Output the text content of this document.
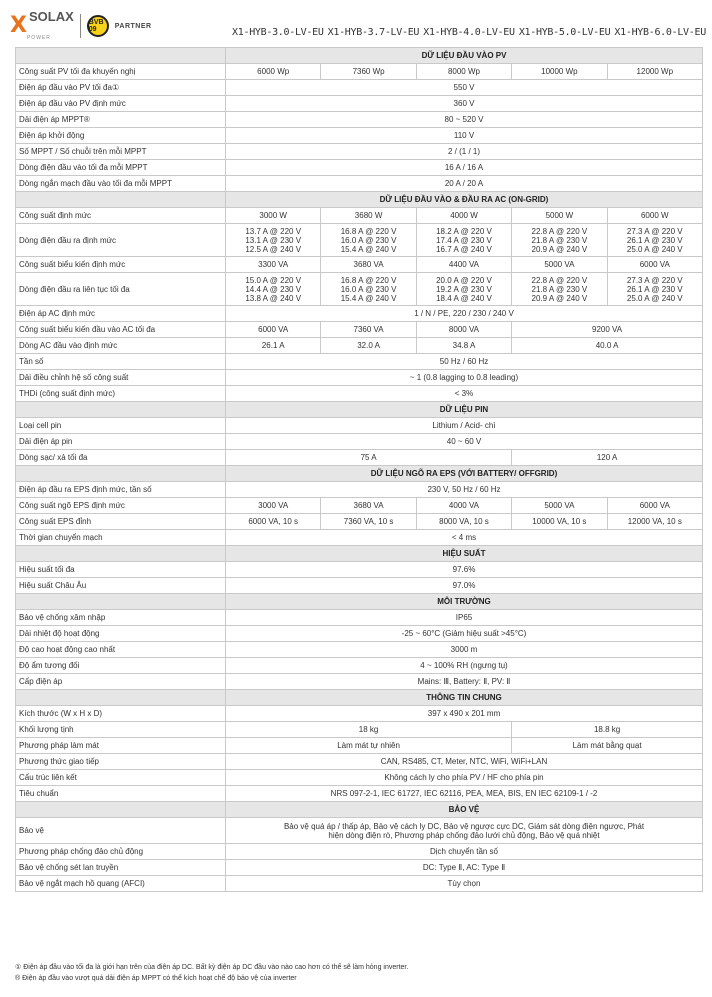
X SOLAX
POWER
BVB 09	PARTNER
X1-HYB-3.0-LV-EU X1-HYB-3.7-LV-EU X1-HYB-4.0-LV-EU X1-HYB-5.0-LV-EU X1-HYB-6.0-LV-EU
	DỮ LIỆU ĐẦU VÀO PV				
Công suất PV tối đa khuyến nghị	6000 Wp	7360 Wp	8000 Wp	10000 Wp	12000 Wp
Điện áp đầu vào PV tối đa①	550 V				
Điện áp đầu vào PV định mức	360 V				
Dải điện áp MPPT®	80 ~ 520 V				
Điện áp khởi động	110 V				
Số MPPT / Số chuỗi trên mỗi MPPT	2 / (1 / 1)				
Dòng điện đầu vào tối đa mỗi MPPT	16 A / 16 A				
Dòng ngắn mạch đầu vào tối đa mỗi MPPT	20 A / 20 A				
	DỮ LIỆU ĐẦU VÀO & ĐẦU RA AC (ON-GRID)				
Công suất định mức	3000 W	3680 W	4000 W	5000 W	6000 W
Dòng điện đầu ra định mức	13.7 A @ 220 V
13.1 A @ 230 V
12.5 A @ 240 V	16.8 A @ 220 V
16.0 A @ 230 V
15.4 A @ 240 V	18.2 A @ 220 V
17.4 A @ 230 V
16.7 A @ 240 V	22.8 A @ 220 V
21.8 A @ 230 V
20.9 A @ 240 V	27.3 A @ 220 V
26.1 A @ 230 V
25.0 A @ 240 V

Công suất biểu kiến định mức	3300 VA	3680 VA	4400 VA	5000 VA	6000 VA
Dòng điện đầu ra liên tục tối đa	15.0 A @ 220 V
14.4 A @ 230 V
13.8 A @ 240 V	16.8 A @ 220 V
16.0 A @ 230 V
15.4 A @ 240 V	20.0 A @ 220 V
19.2 A @ 230 V
18.4 A @ 240 V	22.8 A @ 220 V
21.8 A @ 230 V
20.9 A @ 240 V	27.3 A @ 220 V
26.1 A @ 230 V
25.0 A @ 240 V

Điện áp AC định mức	1 / N / PE, 220 / 230 / 240 V				
Công suất biểu kiến đầu vào AC tối đa	6000 VA	7360 VA	8000 VA	9200 VA	
Dòng AC đầu vào định mức	26.1 A	32.0 A	34.8 A	40.0 A	
Tần số	50 Hz / 60 Hz				
Dải điều chỉnh hệ số công suất	~ 1 (0.8 lagging to 0.8 leading)				
THDi (công suất định mức)	< 3%				
	DỮ LIỆU PIN				
Loại cell pin	Lithium / Acid- chì				
Dải điện áp pin	40 ~ 60 V				
Dòng sạc/ xả tối đa	75 A			120 A	
	DỮ LIỆU NGÕ RA EPS (VỚI BATTERY/ OFFGRID)				
Điện áp đầu ra EPS định mức, tần số	230 V, 50 Hz / 60 Hz				
Công suất ngõ EPS định mức	3000 VA	3680 VA	4000 VA	5000 VA	6000 VA
Công suất EPS đỉnh	6000 VA, 10 s	7360 VA, 10 s	8000 VA, 10 s	10000 VA, 10 s	12000 VA, 10 s
Thời gian chuyển mạch	< 4 ms				
	HIỆU SUẤT				
Hiệu suất tối đa	97.6%				
Hiệu suất Châu Âu	97.0%				
	MÔI TRƯỜNG				
Bảo vệ chống xâm nhập	IP65				
Dải nhiệt độ hoạt động	-25 ~ 60°C (Giảm hiệu suất >45°C)				
Độ cao hoạt động cao nhất	3000 m				
Độ ẩm tương đối	4 ~ 100% RH (ngưng tụ)				
Cấp điện áp	Mains: Ⅲ, Battery: Ⅱ, PV: Ⅱ				
	THÔNG TIN CHUNG				
Kích thước (W x H x D)	397 x 490 x 201 mm				
Khối lượng tịnh	18 kg			18.8 kg	
Phương pháp làm mát	Làm mát tự nhiên			Làm mát bằng quạt	
Phương thức giao tiếp	CAN, RS485, CT, Meter, NTC, WiFi, WiFi+LAN				
Cấu trúc liên kết	Không cách ly cho phía PV / HF cho phía pin				
Tiêu chuẩn	NRS 097-2-1, IEC 61727, IEC 62116, PEA, MEA, BIS, EN IEC 62109-1 / -2				
	BẢO VỆ				
Bảo vệ	Bảo vệ quá áp / thấp áp, Bảo vệ cách ly DC, Bảo vệ ngược cực DC, Giám sát dòng điện ngược, Phát
hiện dòng điện rò, Phương pháp chống đảo lưới chủ động, Bảo vệ quá nhiệt				

Phương pháp chống đảo chủ động	Dịch chuyển tần số				
Bảo vệ chống sét lan truyền	DC: Type Ⅱ, AC: Type Ⅱ				
Bảo vệ ngắt mạch hồ quang (AFCI)	Tùy chọn				
① Điện áp đầu vào tối đa là giới hạn trên của điện áp DC. Bất kỳ điện áp DC đầu vào nào cao hơn có thể sẽ làm hỏng inverter.
® Điện áp đầu vào vượt quá dải điện áp MPPT có thể kích hoạt chế độ bảo vệ của inverter
